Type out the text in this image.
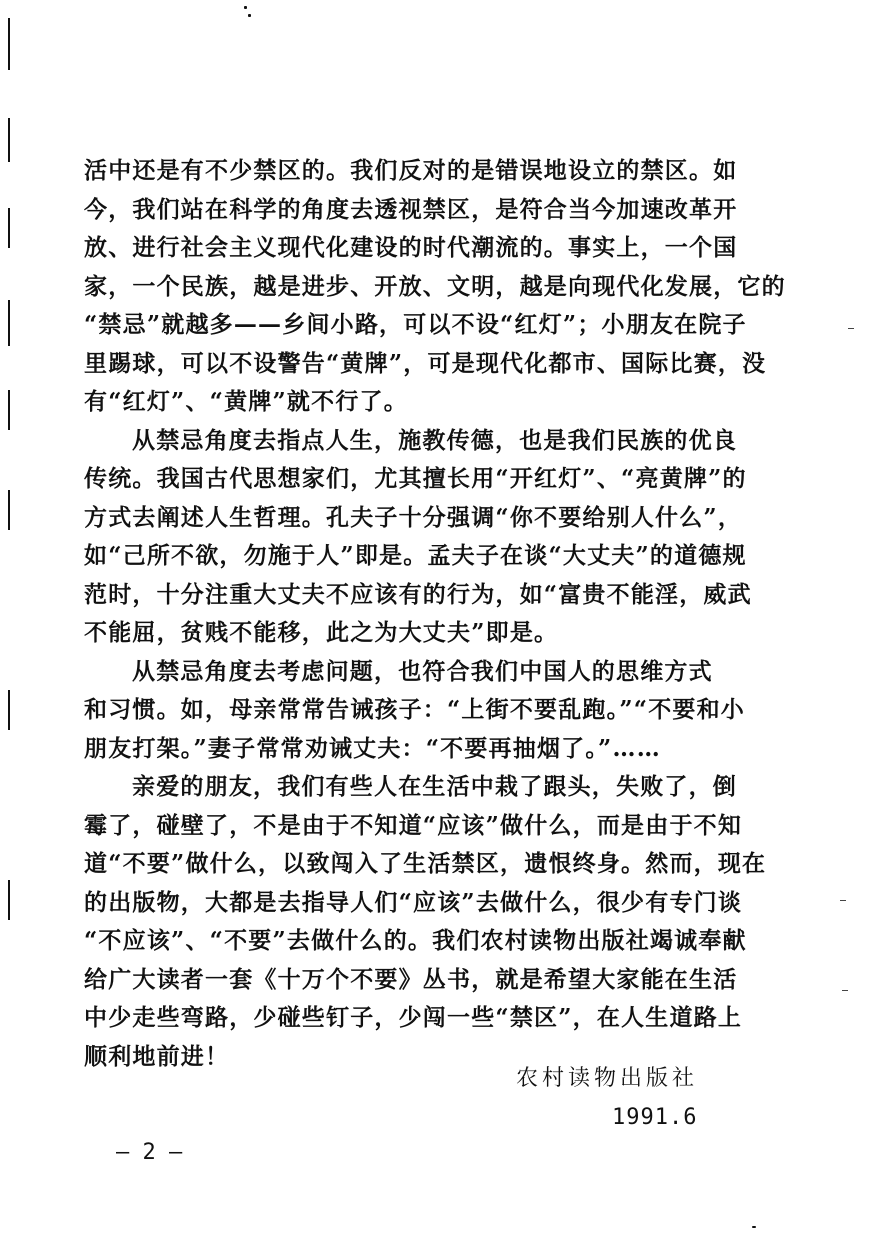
活中还是有不少禁区的。我们反对的是错误地设立的禁区。如
今，我们站在科学的角度去透视禁区，是符合当今加速改革开
放、进行社会主义现代化建设的时代潮流的。事实上，一个国
家，一个民族，越是进步、开放、文明，越是向现代化发展，它的
“禁忌”就越多——乡间小路，可以不设“红灯”；小朋友在院子
里踢球，可以不设警告“黄牌”，可是现代化都市、国际比赛，没
有“红灯”、“黄牌”就不行了。
从禁忌角度去指点人生，施教传德，也是我们民族的优良
传统。我国古代思想家们，尤其擅长用“开红灯”、“亮黄牌”的
方式去阐述人生哲理。孔夫子十分强调“你不要给别人什么”，
如“己所不欲，勿施于人”即是。孟夫子在谈“大丈夫”的道德规
范时，十分注重大丈夫不应该有的行为，如“富贵不能淫，威武
不能屈，贫贱不能移，此之为大丈夫”即是。
从禁忌角度去考虑问题，也符合我们中国人的思维方式
和习惯。如，母亲常常告诫孩子：“上街不要乱跑。”“不要和小
朋友打架。”妻子常常劝诫丈夫：“不要再抽烟了。”……
亲爱的朋友，我们有些人在生活中栽了跟头，失败了，倒
霉了，碰壁了，不是由于不知道“应该”做什么，而是由于不知
道“不要”做什么，以致闯入了生活禁区，遗恨终身。然而，现在
的出版物，大都是去指导人们“应该”去做什么，很少有专门谈
“不应该”、“不要”去做什么的。我们农村读物出版社竭诚奉献
给广大读者一套《十万个不要》丛书，就是希望大家能在生活
中少走些弯路，少碰些钉子，少闯一些“禁区”，在人生道路上
顺利地前进！
农村读物出版社
1991.6
— 2 —
